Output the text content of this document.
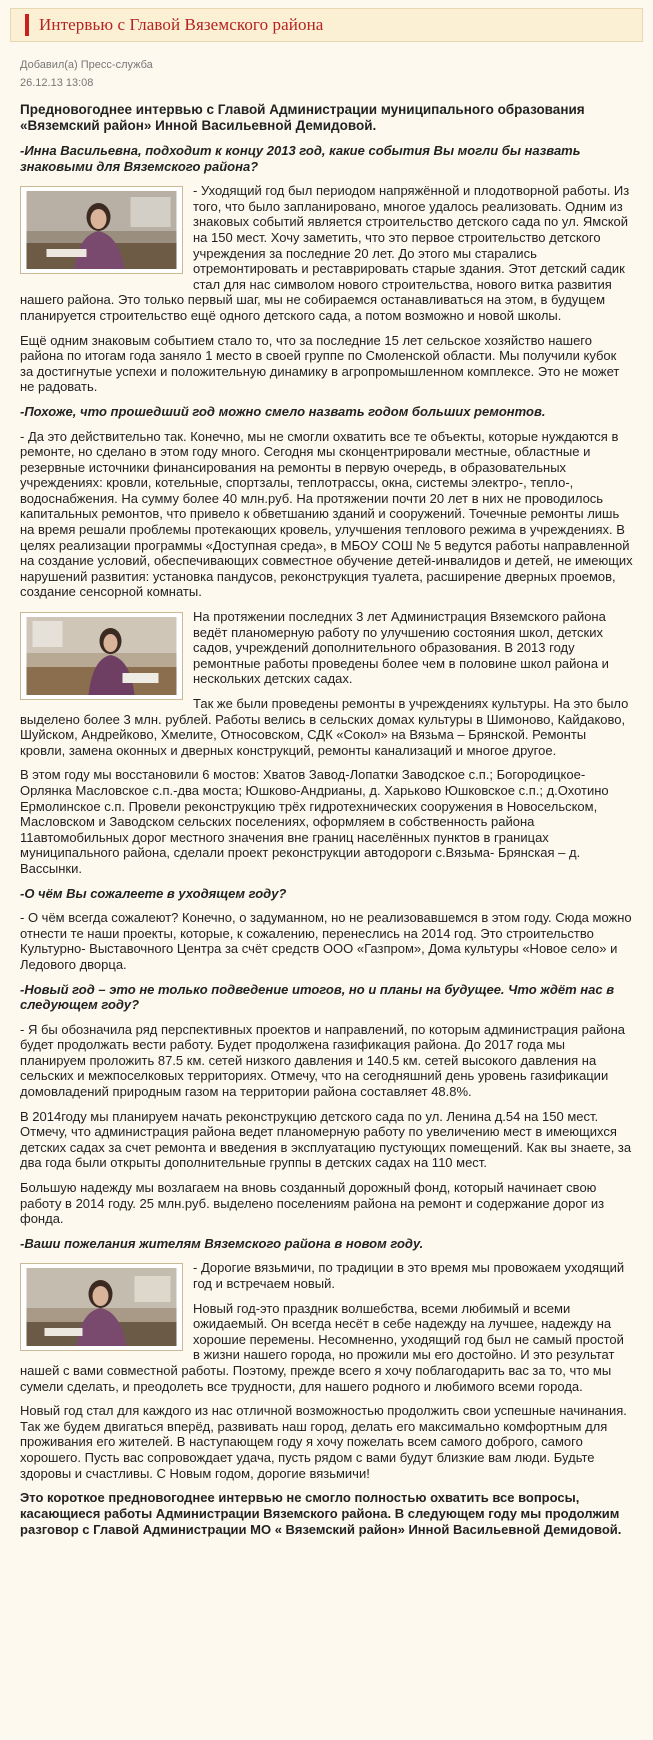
Интервью с Главой Вяземского района
Добавил(а) Пресс-служба
26.12.13 13:08

Предновогоднее интервью с Главой Администрации муниципального образования «Вяземский район» Инной Васильевной Демидовой.

-Инна Васильевна, подходит к концу 2013 год, какие события Вы могли бы назвать знаковыми для Вяземского района?

- Уходящий год был периодом напряжённой и плодотворной работы. Из того, что было запланировано, многое удалось реализовать. Одним из знаковых событий является строительство детского сада по ул. Ямской на 150 мест. Хочу заметить, что это первое строительство детского учреждения за последние 20 лет. До этого мы старались отремонтировать и реставрировать старые здания. Этот детский садик стал для нас символом нового строительства, нового витка развития нашего района. Это только первый шаг, мы не собираемся останавливаться на этом, в будущем планируется строительство ещё одного детского сада, а потом возможно и новой школы.

Ещё одним знаковым событием стало то, что за последние 15 лет сельское хозяйство нашего района по итогам года заняло 1 место в своей группе по Смоленской области. Мы получили кубок за достигнутые успехи и положительную динамику в агропромышленном комплексе. Это не может не радовать.

-Похоже, что прошедший год можно смело назвать годом больших ремонтов.

- Да это действительно так. Конечно, мы не смогли охватить все те объекты, которые нуждаются в ремонте, но сделано в этом году много. Сегодня мы сконцентрировали местные, областные и резервные источники финансирования на ремонты в первую очередь, в образовательных учреждениях: кровли, котельные, спортзалы, теплотрассы, окна, системы электро-, тепло-, водоснабжения. На сумму более 40 млн.руб. На протяжении почти 20 лет в них не проводилось капитальных ремонтов, что привело к обветшанию зданий и сооружений. Точечные ремонты лишь на время решали проблемы протекающих кровель, улучшения теплового режима в учреждениях. В целях реализации программы «Доступная среда», в МБОУ СОШ № 5 ведутся работы направленной на создание условий, обеспечивающих совместное обучение детей-инвалидов и детей, не имеющих нарушений развития: установка пандусов, реконструкция туалета, расширение дверных проемов, создание сенсорной комнаты.

На протяжении последних 3 лет Администрация Вяземского района ведёт планомерную работу по улучшению состояния школ, детских садов, учреждений дополнительного образования. В 2013 году ремонтные работы проведены более чем в половине школ района и нескольких детских садах.

Так же были проведены ремонты в учреждениях культуры. На это было выделено более 3 млн. рублей. Работы велись в сельских домах культуры в Шимоново, Кайдаково, Шуйском, Андрейково, Хмелите, Относовском, СДК «Сокол» на Вязьма – Брянской. Ремонты кровли, замена оконных и дверных конструкций, ремонты канализаций и многое другое.

В этом году мы восстановили 6 мостов: Хватов Завод-Лопатки Заводское с.п.; Богородицкое-Орлянка Масловское с.п.-два моста; Юшково-Андрианы, д. Харьково Юшковское с.п.; д.Охотино Ермолинское с.п. Провели реконструкцию трёх гидротехнических сооружения в Новосельском, Масловском и Заводском сельских поселениях, оформляем в собственность района 11автомобильных дорог местного значения вне границ населённых пунктов в границах муниципального района, сделали проект реконструкции автодороги с.Вязьма- Брянская – д. Вассынки.

-О чём Вы сожалеете в уходящем году?

- О чём всегда сожалеют? Конечно, о задуманном, но не реализовавшемся в этом году. Сюда можно отнести те наши проекты, которые, к сожалению, перенеслись на 2014 год. Это строительство Культурно- Выставочного Центра за счёт средств ООО «Газпром», Дома культуры «Новое село» и Ледового дворца.

-Новый год – это не только подведение итогов, но и планы на будущее. Что ждёт нас в следующем году?

- Я бы обозначила ряд перспективных проектов и направлений, по которым администрация района будет продолжать вести работу. Будет продолжена газификация района. До 2017 года мы планируем проложить 87.5 км. сетей низкого давления и 140.5 км. сетей высокого давления на сельских и межпоселковых территориях. Отмечу, что на сегодняшний день уровень газификации домовладений природным газом на территории района составляет 48.8%.

В 2014году мы планируем начать реконструкцию детского сада по ул. Ленина д.54 на 150 мест. Отмечу, что администрация района ведет планомерную работу по увеличению мест в имеющихся детских садах за счет ремонта и введения в эксплуатацию пустующих помещений. Как вы знаете, за два года были открыты дополнительные группы в детских садах на 110 мест.

Большую надежду мы возлагаем на вновь созданный дорожный фонд, который начинает свою работу в 2014 году. 25 млн.руб. выделено поселениям района на ремонт и содержание дорог из фонда.

-Ваши пожелания жителям Вяземского района в новом году.

- Дорогие вязьмичи, по традиции в это время мы провожаем уходящий год и встречаем новый.

Новый год-это праздник волшебства, всеми любимый и всеми ожидаемый. Он всегда несёт в себе надежду на лучшее, надежду на хорошие перемены. Несомненно, уходящий год был не самый простой в жизни нашего города, но прожили мы его достойно. И это результат нашей с вами совместной работы. Поэтому, прежде всего я хочу поблагодарить вас за то, что мы сумели сделать, и преодолеть все трудности, для нашего родного и любимого всеми города.

Новый год стал для каждого из нас отличной возможностью продолжить свои успешные начинания. Так же будем двигаться вперёд, развивать наш город, делать его максимально комфортным для проживания его жителей. В наступающем году я хочу пожелать всем самого доброго, самого хорошего. Пусть вас сопровождает удача, пусть рядом с вами будут близкие вам люди. Будьте здоровы и счастливы. С Новым годом, дорогие вязьмичи!

Это короткое предновогоднее интервью не смогло полностью охватить все вопросы, касающиеся работы Администрации Вяземского района. В следующем году мы продолжим разговор с Главой Администрации МО « Вяземский район» Инной Васильевной Демидовой.
